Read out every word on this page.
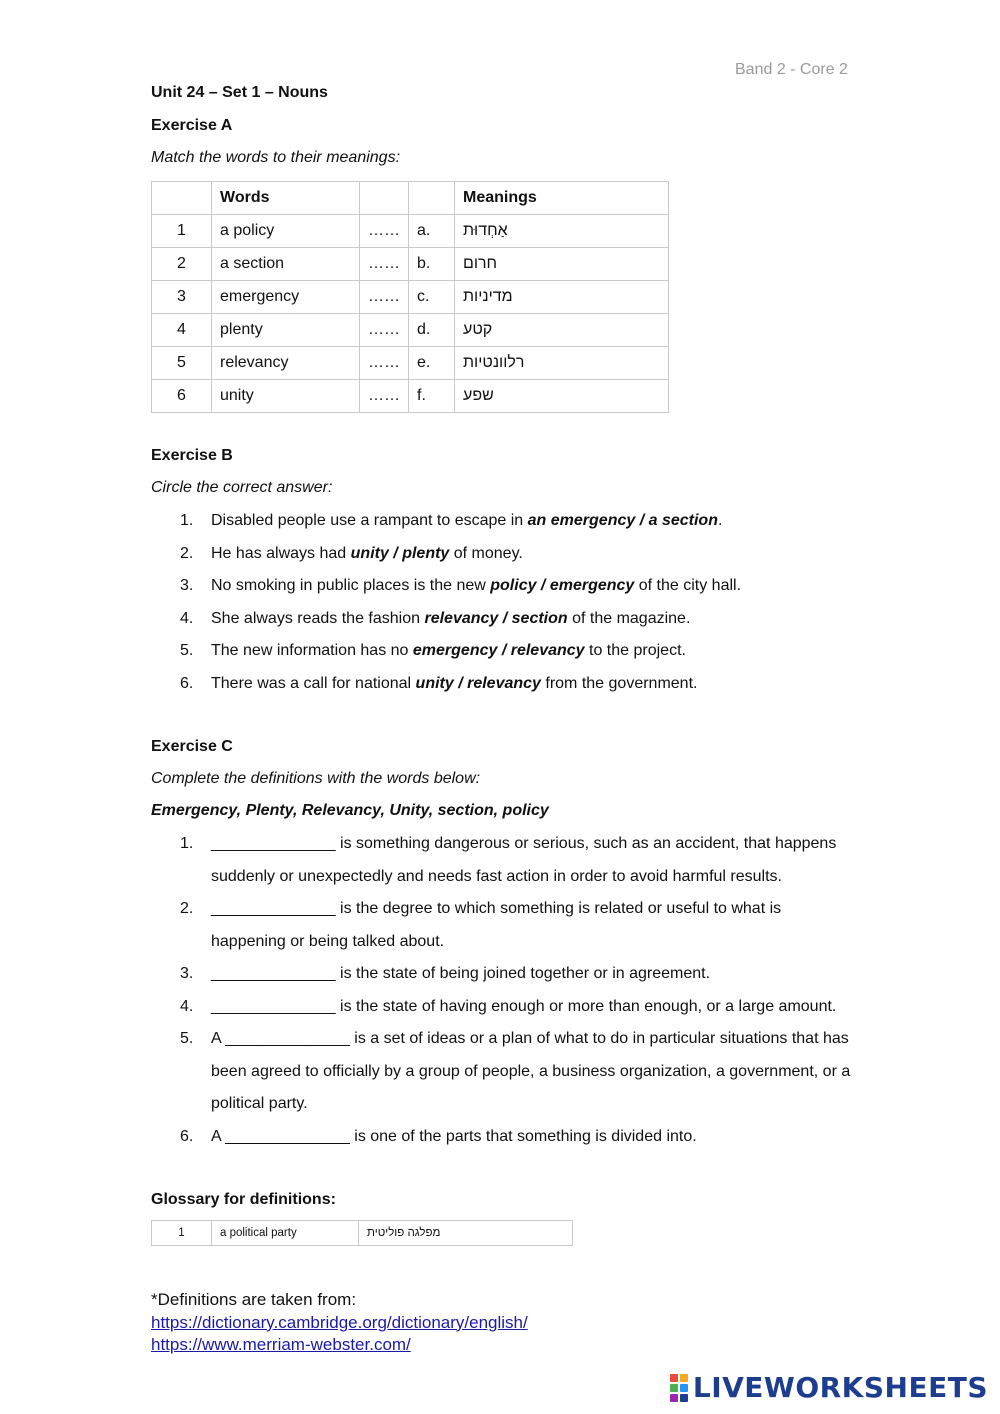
Band 2 - Core 2
Unit 24 – Set 1 – Nouns
Exercise A
Match the words to their meanings:
	Words			Meanings
1	a policy	……	a.	אַחְדוּת
2	a section	……	b.	חרום
3	emergency	……	c.	מדיניות
4	plenty	……	d.	קטע
5	relevancy	……	e.	רלוונטיות
6	unity	……	f.	שפע
Exercise B
Circle the correct answer:
1. Disabled people use a rampant to escape in an emergency / a section.
2. He has always had unity / plenty of money.
3. No smoking in public places is the new policy / emergency of the city hall.
4. She always reads the fashion relevancy / section of the magazine.
5. The new information has no emergency / relevancy to the project.
6. There was a call for national unity / relevancy from the government.
Exercise C
Complete the definitions with the words below:
Emergency, Plenty, Relevancy, Unity, section, policy
1. ______________ is something dangerous or serious, such as an accident, that happens suddenly or unexpectedly and needs fast action in order to avoid harmful results.
2. ______________ is the degree to which something is related or useful to what is happening or being talked about.
3. ______________ is the state of being joined together or in agreement.
4. ______________ is the state of having enough or more than enough, or a large amount.
5. A ______________ is a set of ideas or a plan of what to do in particular situations that has been agreed to officially by a group of people, a business organization, a government, or a political party.
6. A ______________ is one of the parts that something is divided into.
Glossary for definitions:
1	a political party	מפלגה פוליטית
*Definitions are taken from:
https://dictionary.cambridge.org/dictionary/english/
https://www.merriam-webster.com/
LIVEWORKSHEETS
